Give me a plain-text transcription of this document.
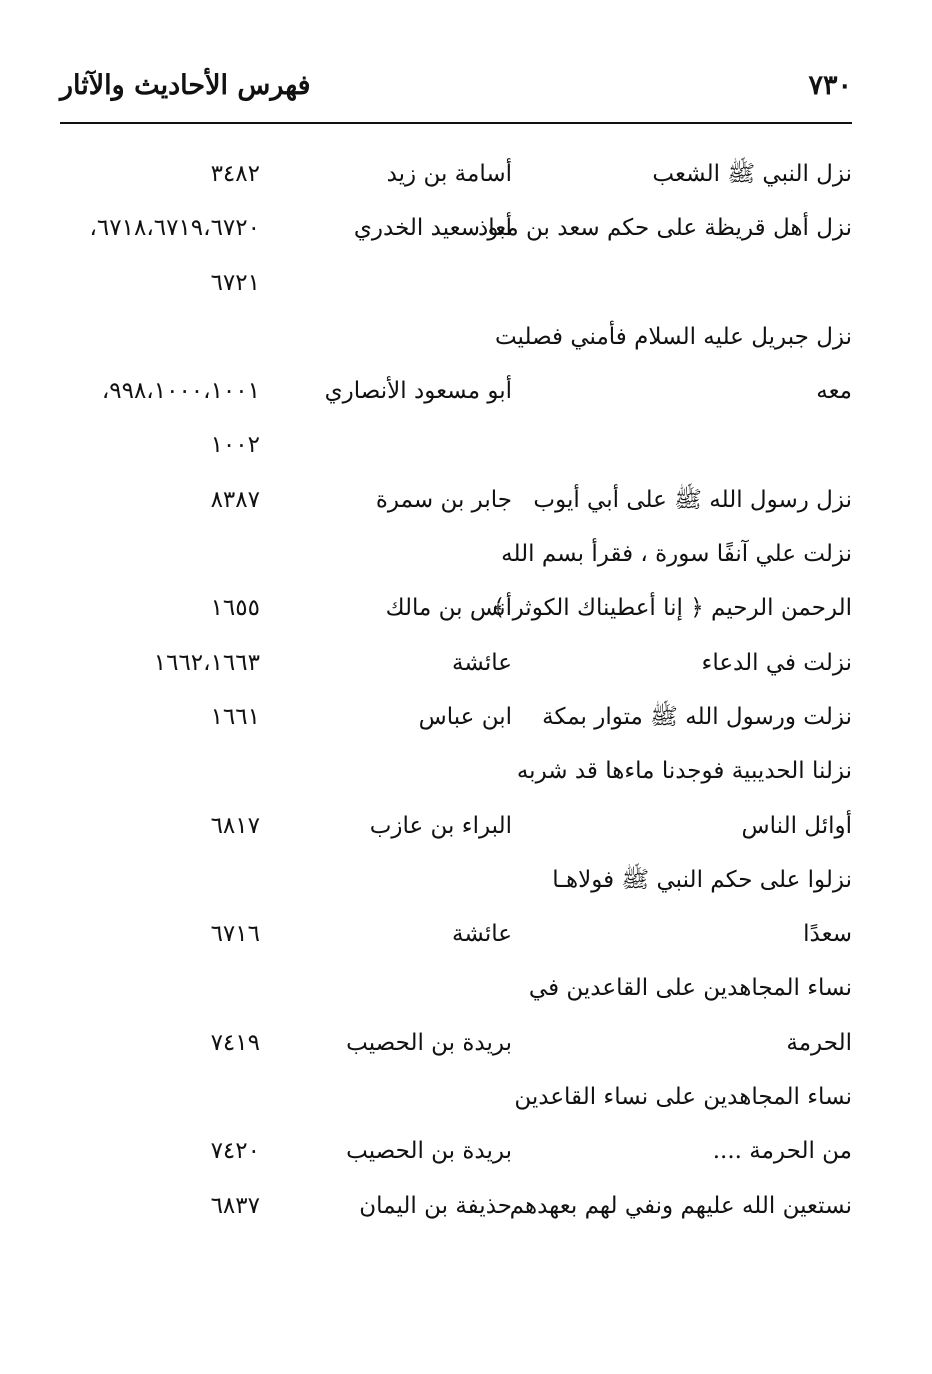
٧٣٠
فهرس الأحاديث والآثار
نزل النبي ﷺ الشعب
أسامة بن زيد
٣٤٨٢
نزل أهل قريظة على حكم سعد بن معاذ
أبو سعيد الخدري
٦٧١٨،٦٧١٩،٦٧٢٠،
٦٧٢١
نزل جبريل عليه السلام فأمني فصليت
معه
أبو مسعود الأنصاري
٩٩٨،١٠٠٠،١٠٠١،
١٠٠٢
نزل رسول الله ﷺ على أبي أيوب
جابر بن سمرة
٨٣٨٧
نزلت علي آنفًا سورة ، فقرأ بسم الله
الرحمن الرحيم ﴿ إنا أعطيناك الكوثر ﴾
أنس بن مالك
١٦٥٥
نزلت في الدعاء
عائشة
١٦٦٢،١٦٦٣
نزلت ورسول الله ﷺ متوار بمكة
ابن عباس
١٦٦١
نزلنا الحديبية فوجدنا ماءها قد شربه
أوائل الناس
البراء بن عازب
٦٨١٧
نزلوا على حكم النبي ﷺ فولاهـا
سعدًا
عائشة
٦٧١٦
نساء المجاهدين على القاعدين في
الحرمة
بريدة بن الحصيب
٧٤١٩
نساء المجاهدين على نساء القاعدين
من الحرمة ....
بريدة بن الحصيب
٧٤٢٠
نستعين الله عليهم ونفي لهم بعهدهم
حذيفة بن اليمان
٦٨٣٧
